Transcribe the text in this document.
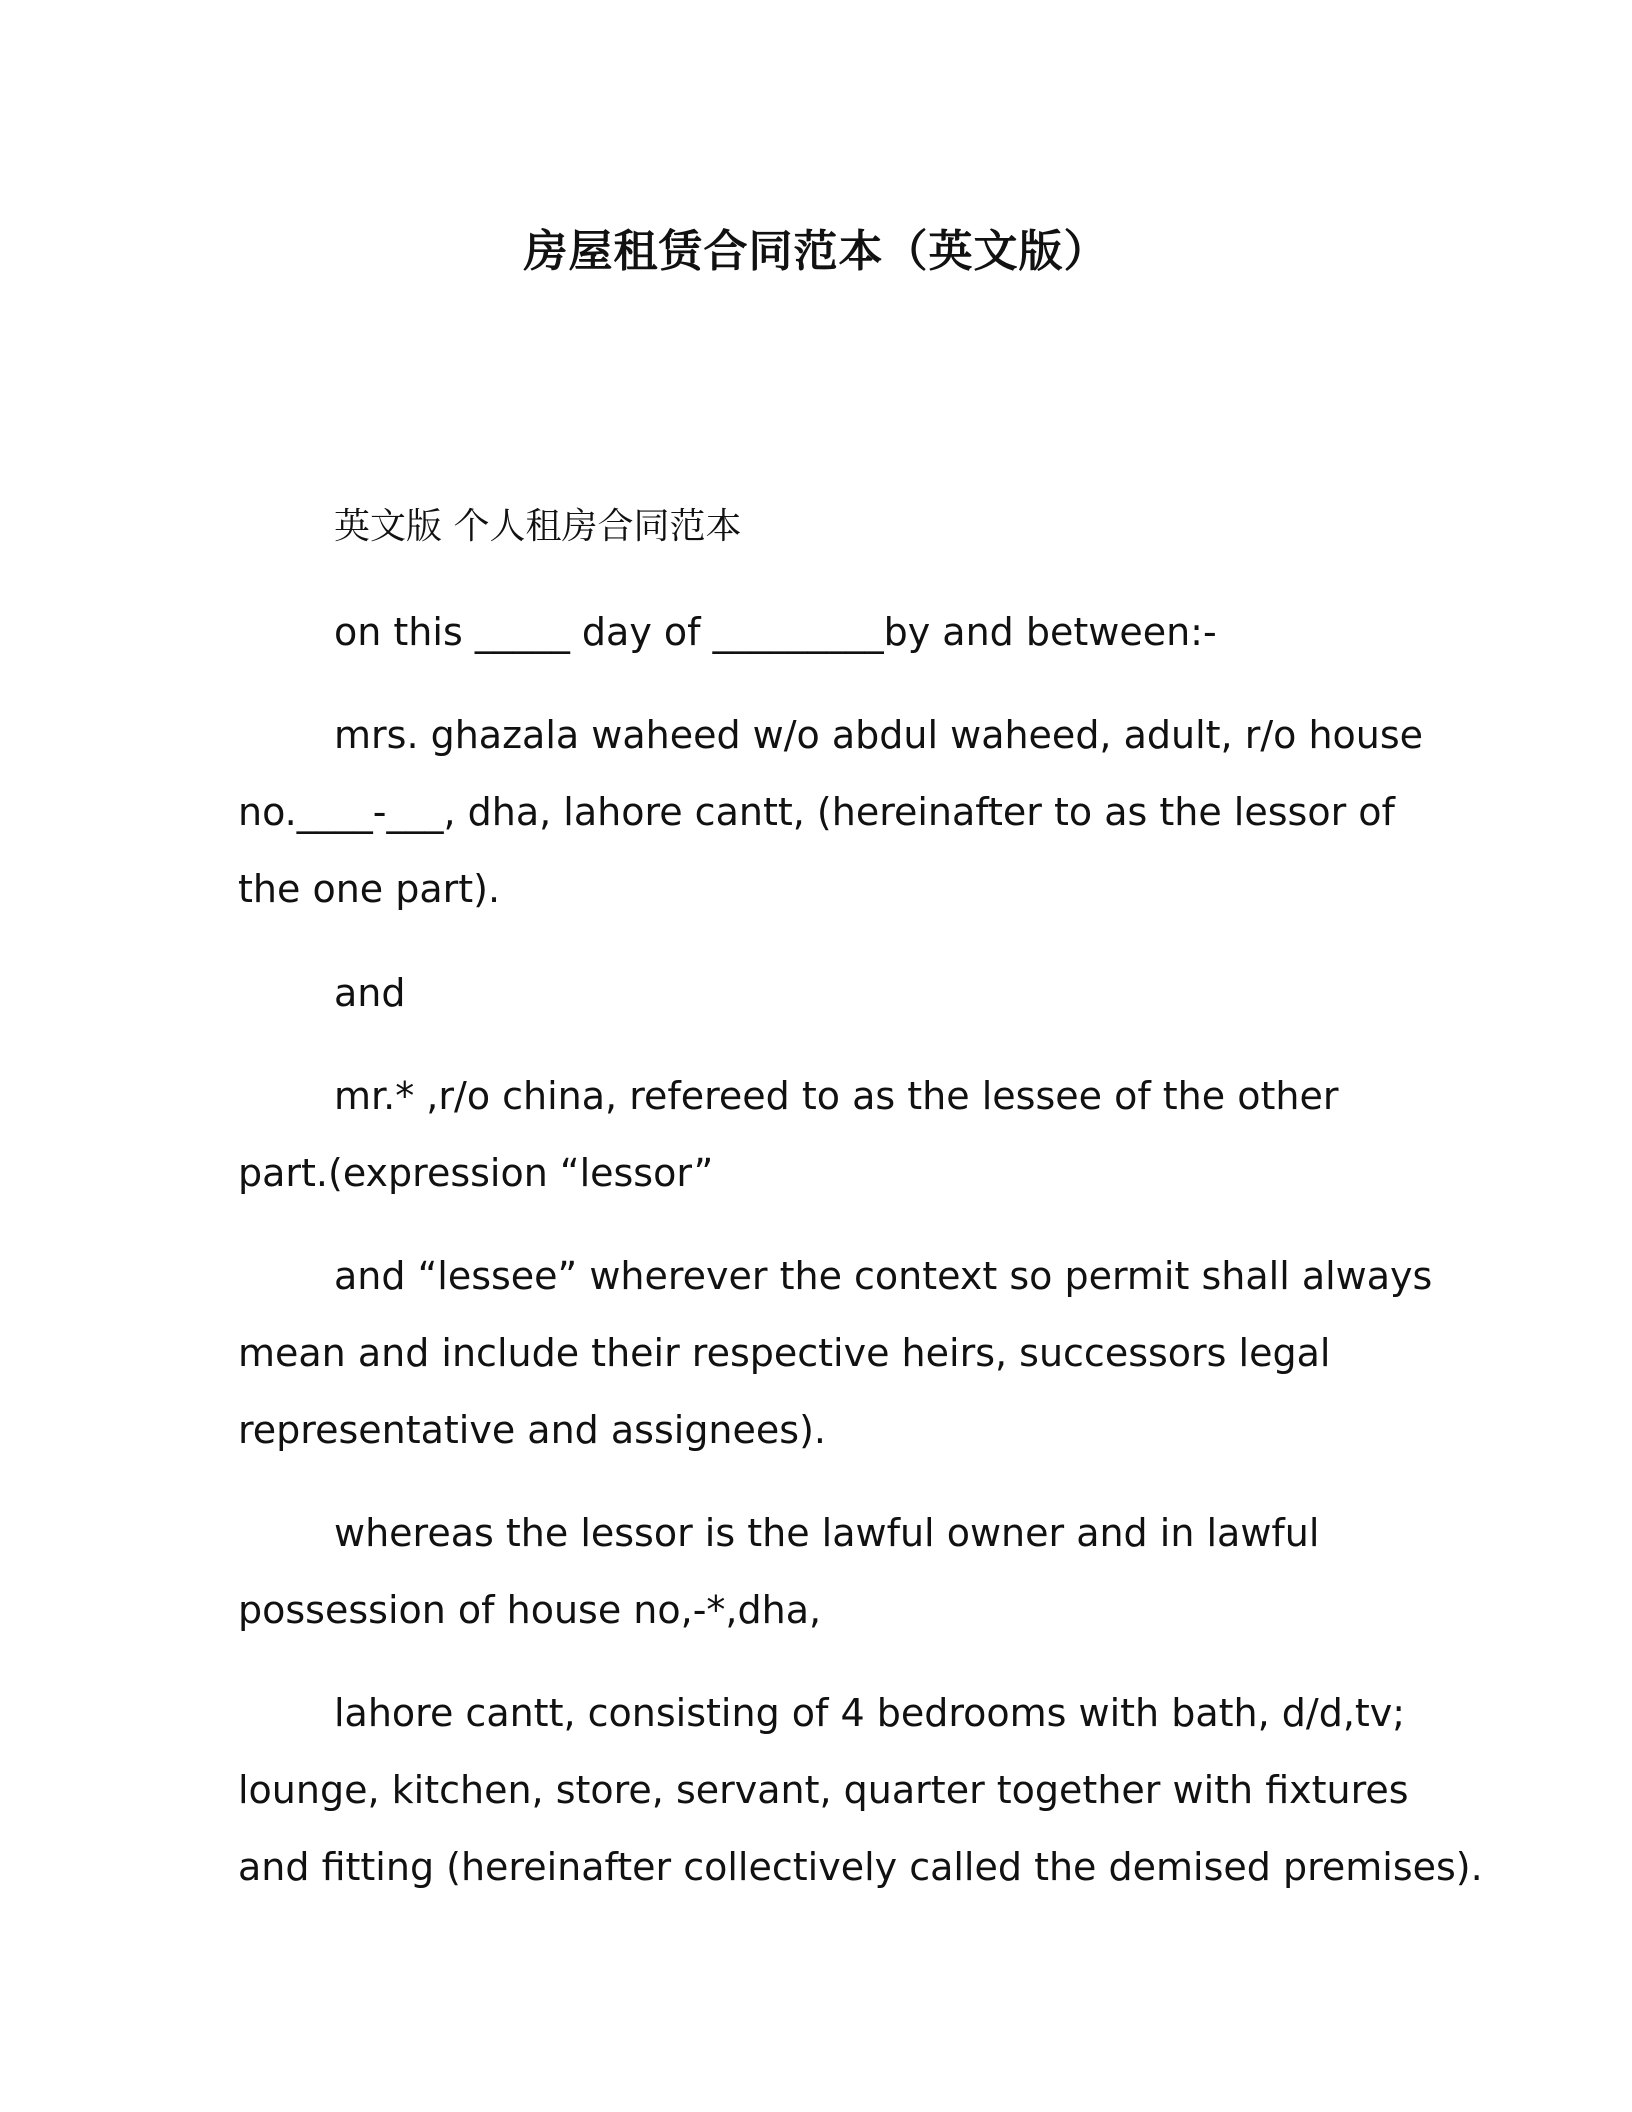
房屋租赁合同范本（英文版）
英文版 个人租房合同范本
on this _____ day of _________by and between:-
mrs. ghazala waheed w/o abdul waheed, adult, r/o house
no.____-___, dha, lahore cantt, (hereinafter to as the lessor of
the one part).
and
mr.* ,r/o china, refereed to as the lessee of the other
part.(expression “lessor”
and “lessee” wherever the context so permit shall always
mean and include their respective heirs, successors legal
representative and assignees).
whereas the lessor is the lawful owner and in lawful
possession of house no,-*,dha,
lahore cantt, consisting of 4 bedrooms with bath, d/d,tv;
lounge, kitchen, store, servant, quarter together with fixtures
and fitting (hereinafter collectively called the demised premises).
